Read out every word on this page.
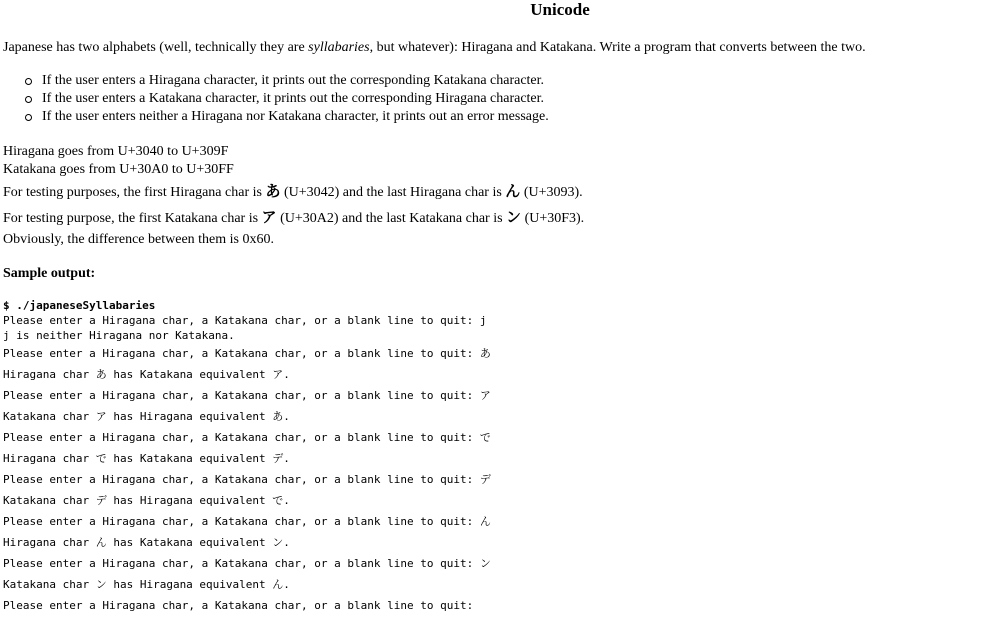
Unicode

Japanese has two alphabets (well, technically they are syllabaries, but whatever): Hiragana and Katakana. Write a program that converts between the two.

If the user enters a Hiragana character, it prints out the corresponding Katakana character.
If the user enters a Katakana character, it prints out the corresponding Hiragana character.
If the user enters neither a Hiragana nor Katakana character, it prints out an error message.

Hiragana goes from U+3040 to U+309F

Katakana goes from U+30A0 to U+30FF

For testing purposes, the first Hiragana char is あ (U+3042) and the last Hiragana char is ん (U+3093).

For testing purpose, the first Katakana char is ア (U+30A2) and the last Katakana char is ン (U+30F3).

Obviously, the difference between them is 0x60.

Sample output:
$ ./japaneseSyllabaries
Please enter a Hiragana char, a Katakana char, or a blank line to quit: j
j is neither Hiragana nor Katakana.
Please enter a Hiragana char, a Katakana char, or a blank line to quit: あ
Hiragana char あ has Katakana equivalent ア.
Please enter a Hiragana char, a Katakana char, or a blank line to quit: ア
Katakana char ア has Hiragana equivalent あ.
Please enter a Hiragana char, a Katakana char, or a blank line to quit: で
Hiragana char で has Katakana equivalent デ.
Please enter a Hiragana char, a Katakana char, or a blank line to quit: デ
Katakana char デ has Hiragana equivalent で.
Please enter a Hiragana char, a Katakana char, or a blank line to quit: ん
Hiragana char ん has Katakana equivalent ン.
Please enter a Hiragana char, a Katakana char, or a blank line to quit: ン
Katakana char ン has Hiragana equivalent ん.
Please enter a Hiragana char, a Katakana char, or a blank line to quit:
